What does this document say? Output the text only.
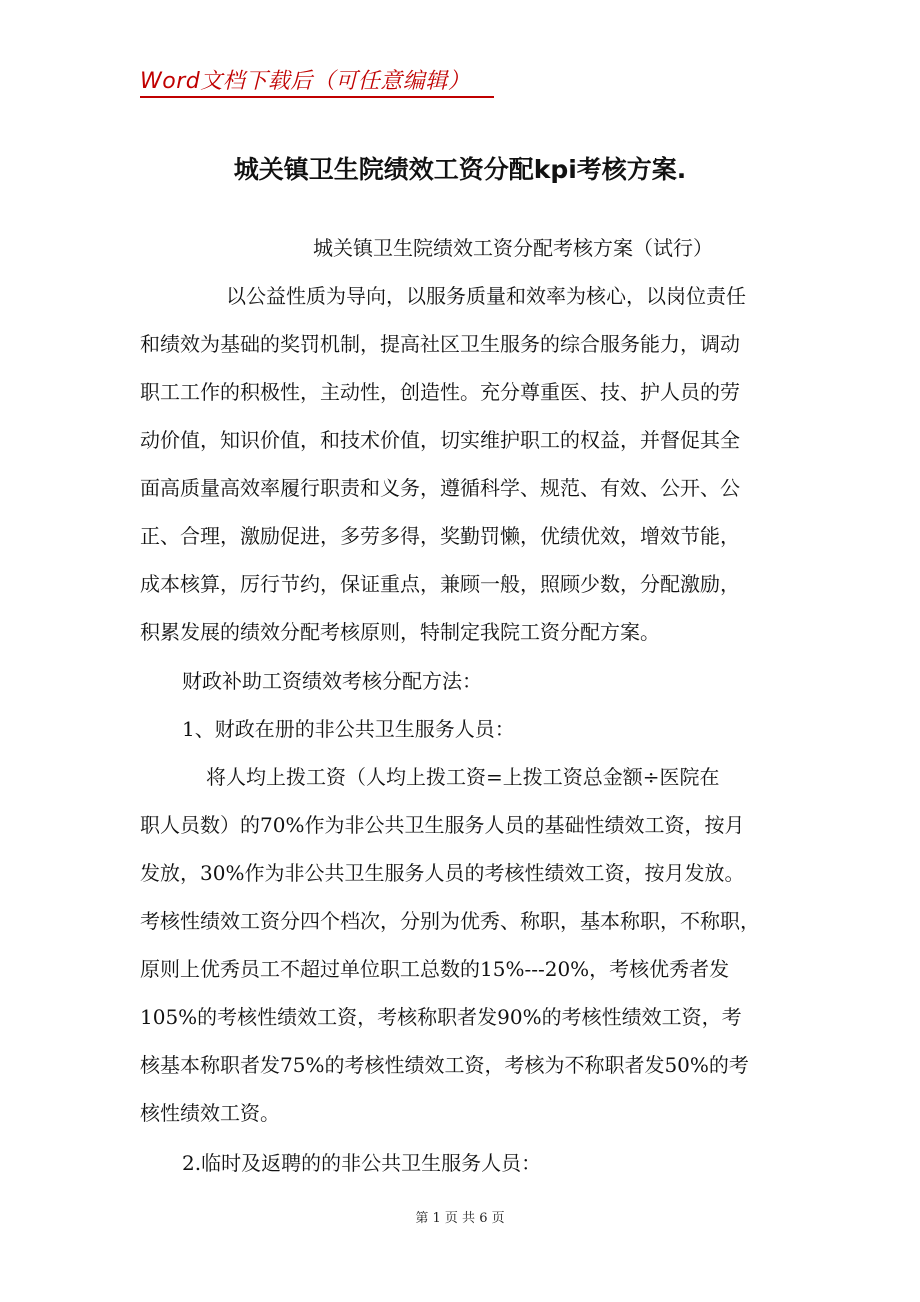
Word文档下载后（可任意编辑）
城关镇卫生院绩效工资分配kpi考核方案.
城关镇卫生院绩效工资分配考核方案（试行）
以公益性质为导向，以服务质量和效率为核心，以岗位责任
和绩效为基础的奖罚机制，提高社区卫生服务的综合服务能力，调动
职工工作的积极性，主动性，创造性。充分尊重医、技、护人员的劳
动价值，知识价值，和技术价值，切实维护职工的权益，并督促其全
面高质量高效率履行职责和义务，遵循科学、规范、有效、公开、公
正、合理，激励促进，多劳多得，奖勤罚懒，优绩优效，增效节能，
成本核算，厉行节约，保证重点，兼顾一般，照顾少数，分配激励，
积累发展的绩效分配考核原则，特制定我院工资分配方案。
财政补助工资绩效考核分配方法：
1、财政在册的非公共卫生服务人员：
将人均上拨工资（人均上拨工资=上拨工资总金额÷医院在
职人员数）的70%作为非公共卫生服务人员的基础性绩效工资，按月
发放，30%作为非公共卫生服务人员的考核性绩效工资，按月发放。
考核性绩效工资分四个档次，分别为优秀、称职，基本称职，不称职，
原则上优秀员工不超过单位职工总数的15%---20%，考核优秀者发
105%的考核性绩效工资，考核称职者发90%的考核性绩效工资，考
核基本称职者发75%的考核性绩效工资，考核为不称职者发50%的考
核性绩效工资。
2.临时及返聘的的非公共卫生服务人员：
第 1 页 共 6 页
